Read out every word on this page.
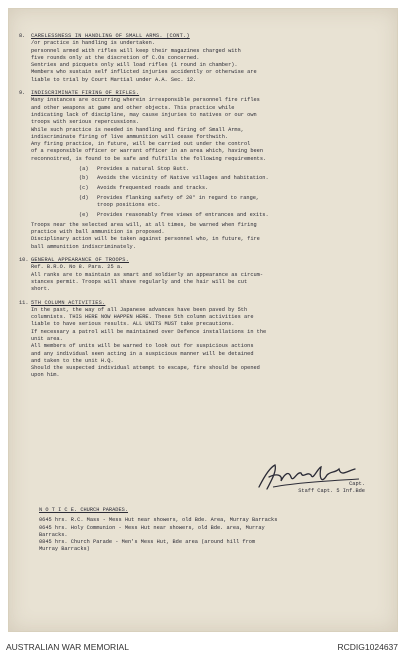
8. CARELESSNESS IN HANDLING OF SMALL ARMS. (CONT.)
/or practice in handling is undertaken.
personnel armed with rifles will keep their magazines charged with
five rounds only at the discretion of C.Os concerned.
Sentries and picquets only will load rifles (1 round in chamber).
Members who sustain self inflicted injuries accidently or otherwise are
liable to trial by Court Martial under A.A. Sec. 12.
9. INDISCRIMINATE FIRING OF RIFLES.
Many instances are occurring wherein irresponsible personnel fire rifles
and other weapons at game and other objects. This practice while
indicating lack of discipline, may cause injuries to natives or our own
troops with serious repercussions.
While such practice is needed in handling and firing of Small Arms,
indiscriminate firing of live ammunition will cease forthwith.
Any firing practice, in future, will be carried out under the control
of a responsible officer or warrant officer in an area which, having been
reconnoitred, is found to be safe and fulfills the following requirements.
(a)	Provides a natural Stop Butt.
(b)	Avoids the vicinity of Native villages and habitation.
(c)	Avoids frequented roads and tracks.
(d)	Provides flanking safety of 20° in regard to range,
troop positions etc.
(e)	Provides reasonably free views of entrances and exits.
Troops near the selected area will, at all times, be warned when firing
practice with ball ammunition is proposed.
Disciplinary action will be taken against personnel who, in future, fire
ball ammunition indiscriminately.
10. GENERAL APPEARANCE OF TROOPS.
Ref. B.R.O. No 8. Para. 25 a.
All ranks are to maintain as smart and soldierly an appearance as circum-
stances permit. Troops will shave regularly and the hair will be cut
short.
11. 5TH COLUMN ACTIVITIES.
In the past, the way of all Japanese advances have been paved by 5th
columnists. THIS HERE NOW HAPPEN HERE. These 5th column activities are
liable to have serious results. ALL UNITS MUST take precautions.
If necessary a patrol will be maintained over Defence installations in the
unit area.
All members of units will be warned to look out for suspicious actions
and any individual seen acting in a suspicious manner will be detained
and taken to the unit H.Q.
Should the suspected individual attempt to escape, fire should be opened
upon him.
Capt.
Staff Capt. 5 Inf.Bde
N O T I C E. CHURCH PARADES.
0645 hrs. R.C. Mass - Mess Hut near showers, old Bde. Area, Murray Barracks
0645 hrs. Holy Communion - Mess Hut near showers, old Bde. area, Murray
Barracks.
0845 hrs. Church Parade - Men's Mess Hut, Bde area (around hill from
Murray Barracks)
AUSTRALIAN WAR MEMORIAL	RCDIG1024637
